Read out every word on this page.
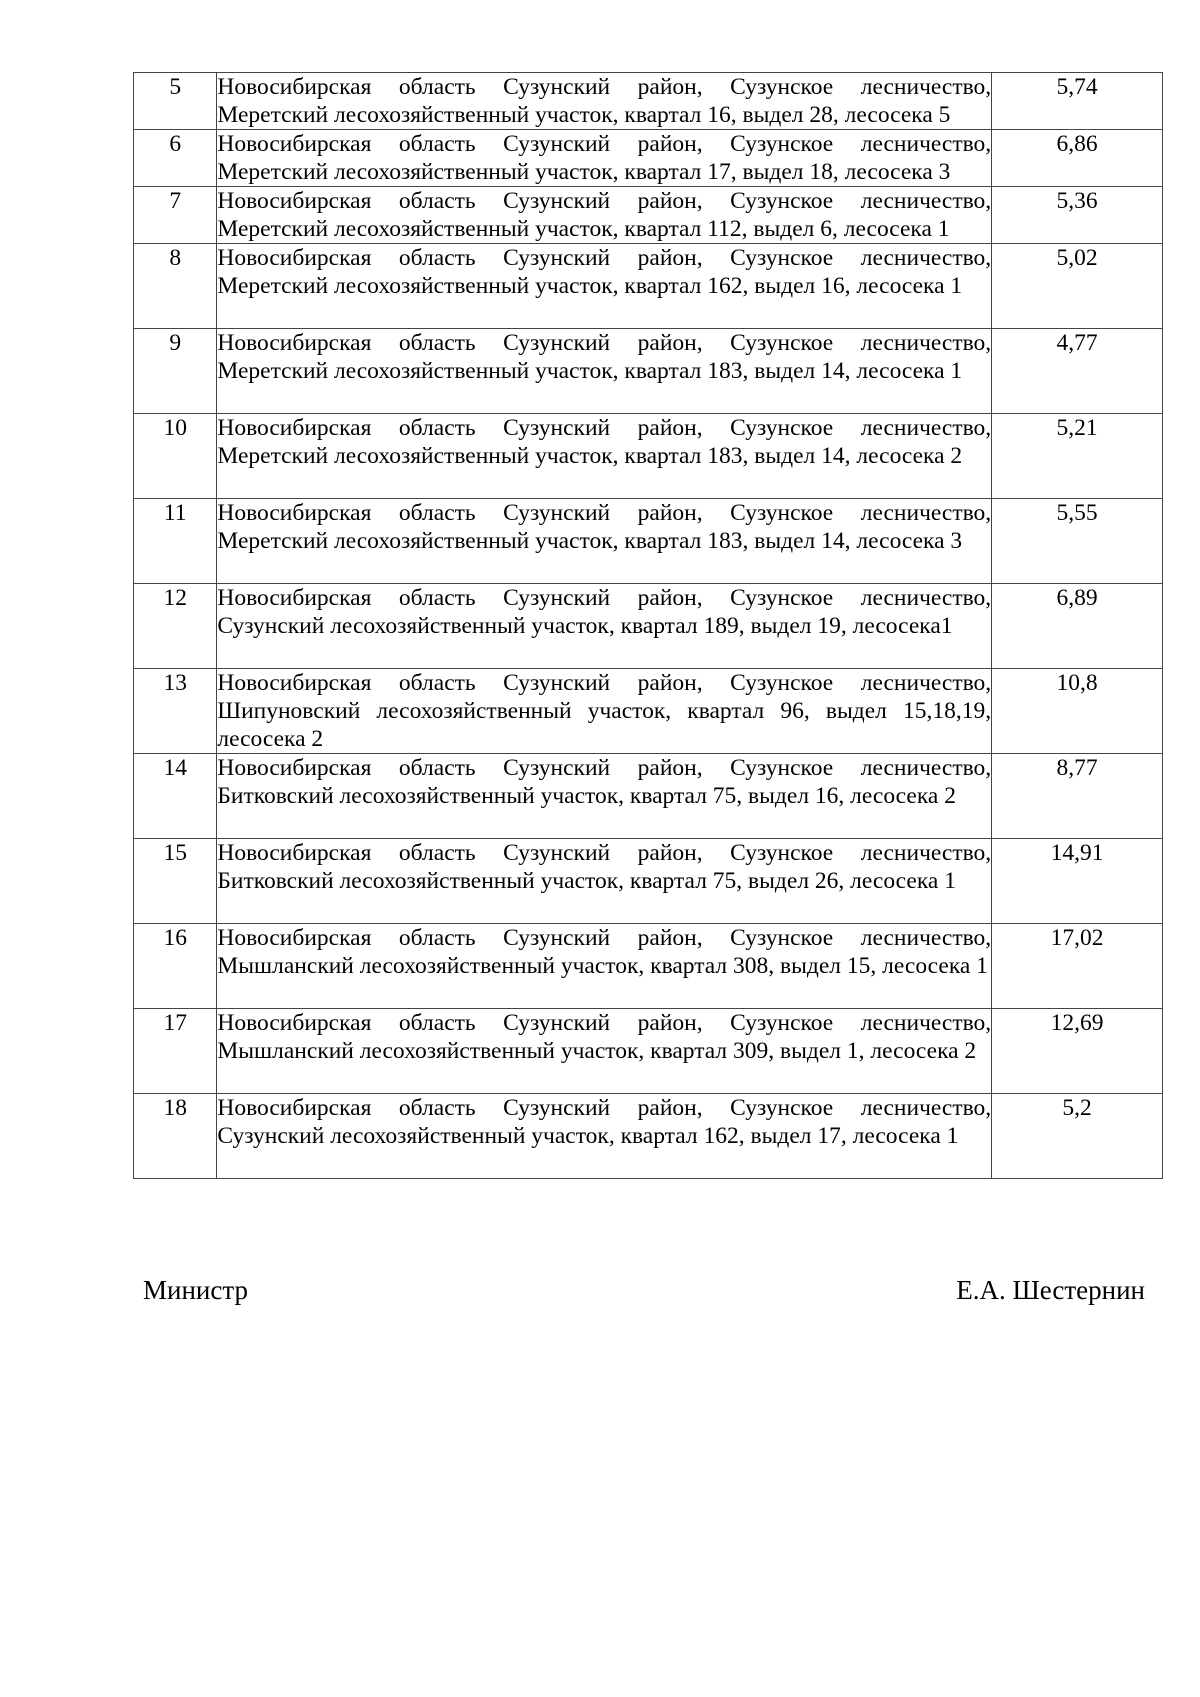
5	Новосибирская область Сузунский район, Сузунское лесничество, Меретский лесохозяйственный участок, квартал 16, выдел 28, лесосека 5	5,74
6	Новосибирская область Сузунский район, Сузунское лесничество, Меретский лесохозяйственный участок, квартал 17, выдел 18, лесосека 3	6,86
7	Новосибирская область Сузунский район, Сузунское лесничество, Меретский лесохозяйственный участок, квартал 112, выдел 6, лесосека 1	5,36
8	Новосибирская область Сузунский район, Сузунское лесничество, Меретский лесохозяйственный участок, квартал 162, выдел 16, лесосека 1	5,02
9	Новосибирская область Сузунский район, Сузунское лесничество, Меретский лесохозяйственный участок, квартал 183, выдел 14, лесосека 1	4,77
10	Новосибирская область Сузунский район, Сузунское лесничество, Меретский лесохозяйственный участок, квартал 183, выдел 14, лесосека 2	5,21
11	Новосибирская область Сузунский район, Сузунское лесничество, Меретский лесохозяйственный участок, квартал 183, выдел 14, лесосека 3	5,55
12	Новосибирская область Сузунский район, Сузунское лесничество, Сузунский лесохозяйственный участок, квартал 189, выдел 19, лесосека1	6,89
13	Новосибирская область Сузунский район, Сузунское лесничество, Шипуновский лесохозяйственный участок, квартал 96, выдел 15,18,19, лесосека 2	10,8
14	Новосибирская область Сузунский район, Сузунское лесничество, Битковский лесохозяйственный участок, квартал 75, выдел 16, лесосека 2	8,77
15	Новосибирская область Сузунский район, Сузунское лесничество, Битковский лесохозяйственный участок, квартал 75, выдел 26, лесосека 1	14,91
16	Новосибирская область Сузунский район, Сузунское лесничество, Мышланский лесохозяйственный участок, квартал 308, выдел 15, лесосека 1	17,02
17	Новосибирская область Сузунский район, Сузунское лесничество, Мышланский лесохозяйственный участок, квартал 309, выдел 1, лесосека 2	12,69
18	Новосибирская область Сузунский район, Сузунское лесничество, Сузунский лесохозяйственный участок, квартал 162, выдел 17, лесосека 1	5,2
Министр	Е.А. Шестернин
